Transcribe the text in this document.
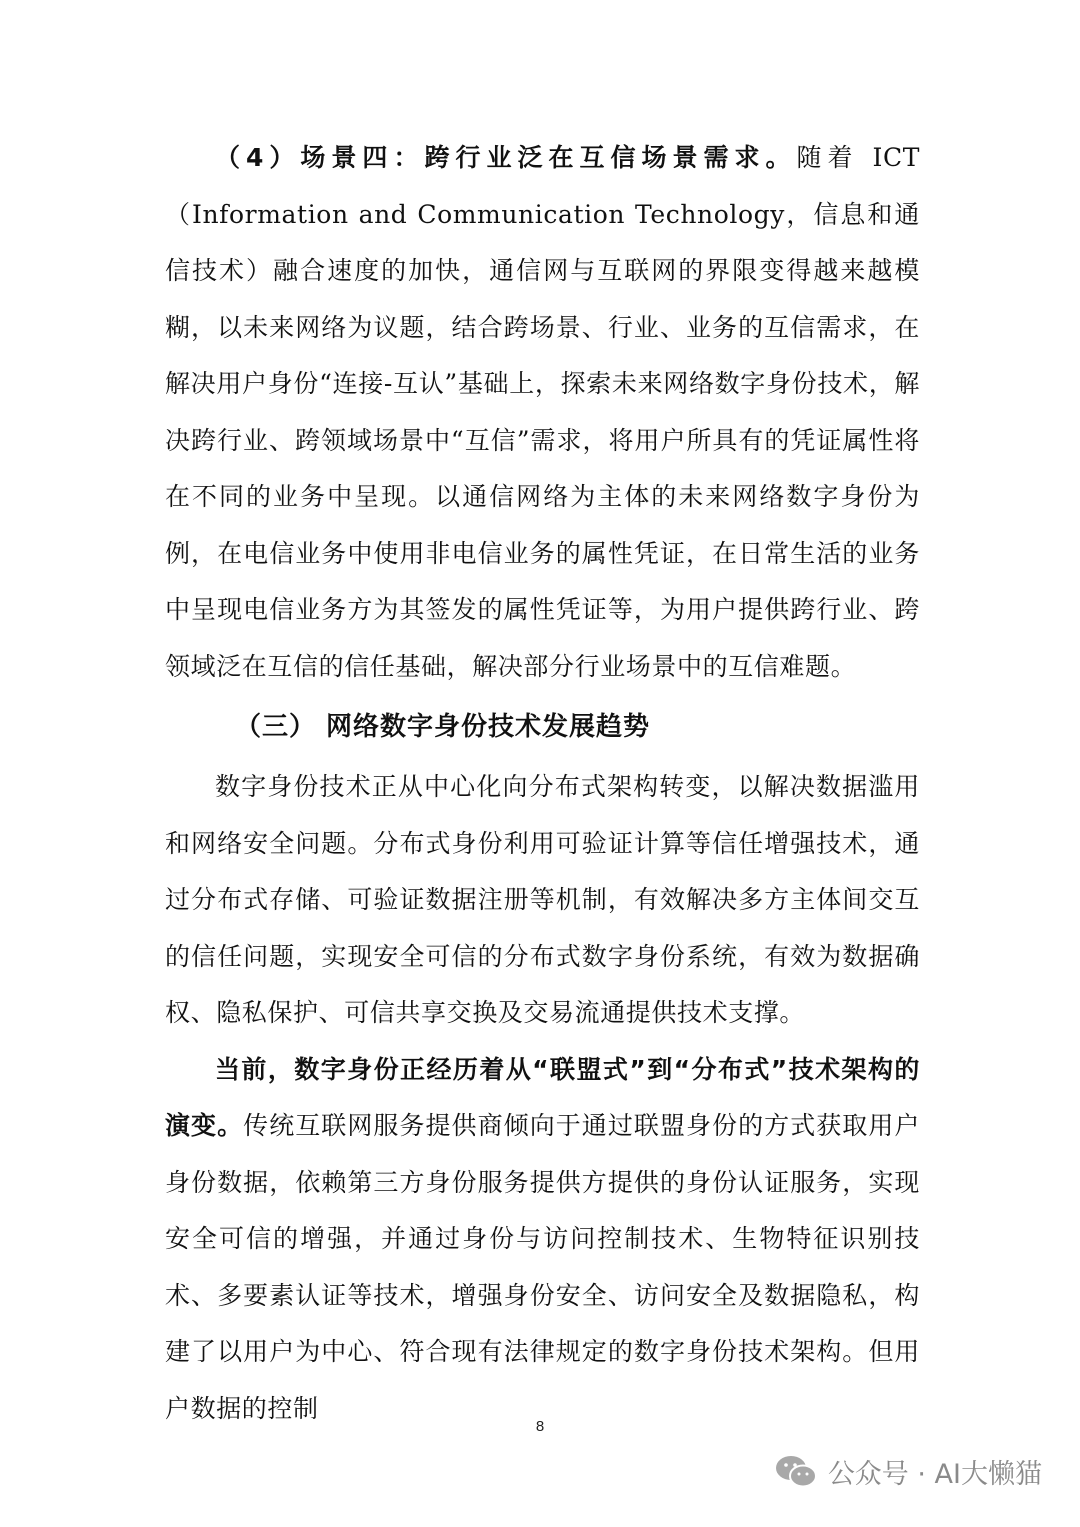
（4）场景四：跨行业泛在互信场景需求。随着 ICT（Information and Communication Technology，信息和通信技术）融合速度的加快，通信网与互联网的界限变得越来越模糊，以未来网络为议题，结合跨场景、行业、业务的互信需求，在解决用户身份“连接-互认”基础上，探索未来网络数字身份技术，解决跨行业、跨领域场景中“互信”需求，将用户所具有的凭证属性将在不同的业务中呈现。以通信网络为主体的未来网络数字身份为例，在电信业务中使用非电信业务的属性凭证，在日常生活的业务中呈现电信业务方为其签发的属性凭证等，为用户提供跨行业、跨领域泛在互信的信任基础，解决部分行业场景中的互信难题。

（三） 网络数字身份技术发展趋势

数字身份技术正从中心化向分布式架构转变，以解决数据滥用和网络安全问题。分布式身份利用可验证计算等信任增强技术，通过分布式存储、可验证数据注册等机制，有效解决多方主体间交互的信任问题，实现安全可信的分布式数字身份系统，有效为数据确权、隐私保护、可信共享交换及交易流通提供技术支撑。

当前，数字身份正经历着从“联盟式”到“分布式”技术架构的演变。传统互联网服务提供商倾向于通过联盟身份的方式获取用户身份数据，依赖第三方身份服务提供方提供的身份认证服务，实现安全可信的增强，并通过身份与访问控制技术、生物特征识别技术、多要素认证等技术，增强身份安全、访问安全及数据隐私，构建了以用户为中心、符合现有法律规定的数字身份技术架构。但用户数据的控制

8
公众号 · AI大懒猫
